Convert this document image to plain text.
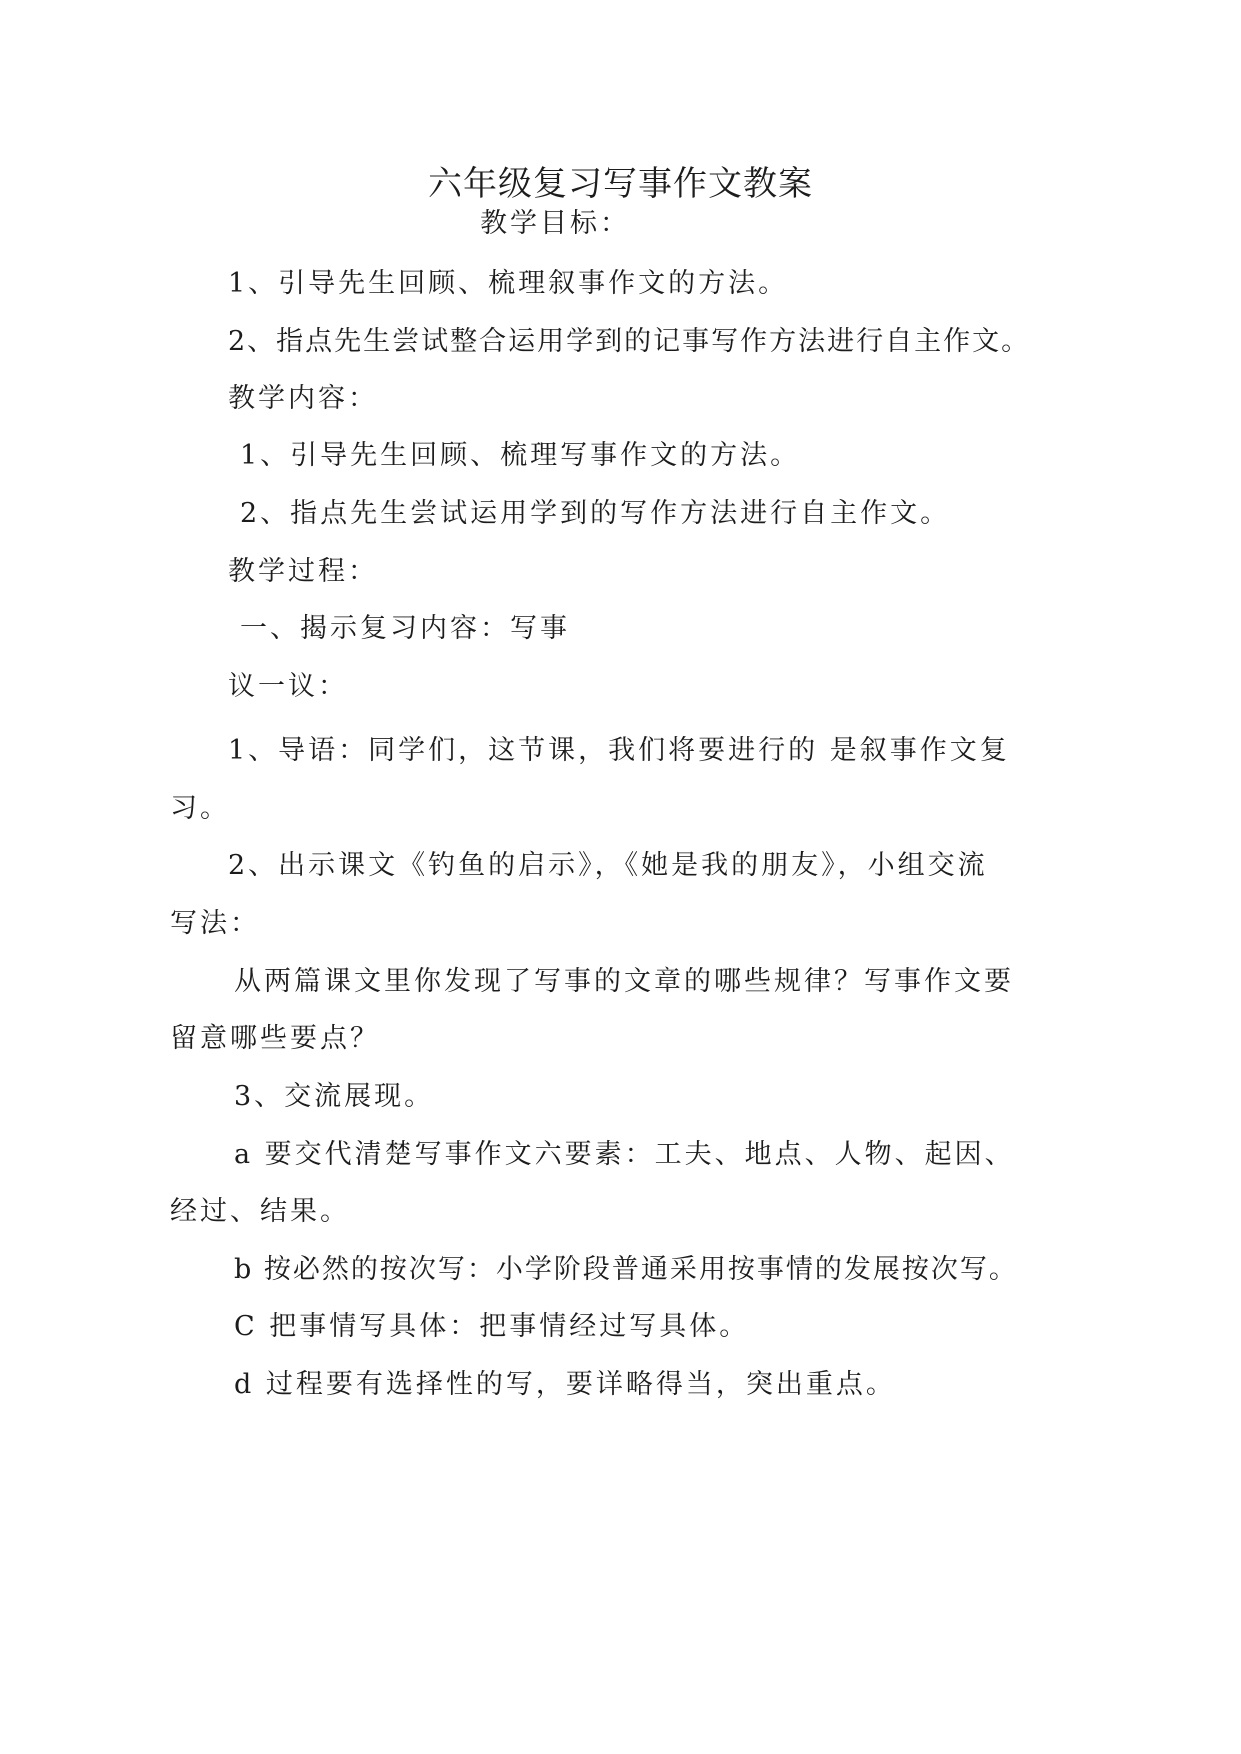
六年级复习写事作文教案
教学目标：
1、引导先生回顾、梳理叙事作文的方法。
2、指点先生尝试整合运用学到的记事写作方法进行自主作文。
教学内容：
1、引导先生回顾、梳理写事作文的方法。
2、指点先生尝试运用学到的写作方法进行自主作文。
教学过程：
一、揭示复习内容：写事
议一议：
1、导语：同学们，这节课，我们将要进行的 是叙事作文复
习。
2、出示课文《钓鱼的启示》，《她是我的朋友》，小组交流
写法：
从两篇课文里你发现了写事的文章的哪些规律？写事作文要
留意哪些要点？
3、交流展现。
a 要交代清楚写事作文六要素：工夫、地点、人物、起因、
经过、结果。
b 按必然的按次写：小学阶段普通采用按事情的发展按次写。
C 把事情写具体：把事情经过写具体。
d 过程要有选择性的写，要详略得当，突出重点。
